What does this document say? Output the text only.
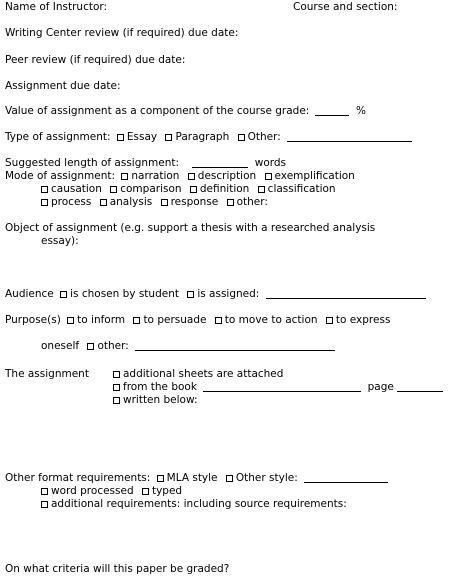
Name of Instructor:	Course and section:
Writing Center review (if required) due date:
Peer review (if required) due date:
Assignment due date:
Value of assignment as a component of the course grade:	%
Type of assignment: Essay Paragraph Other:
Suggested length of assignment:	words
Mode of assignment: narration description exemplification
causation comparison definition classification
process analysis response other:
Object of assignment (e.g. support a thesis with a researched analysis
essay):
Audience is chosen by student is assigned:
Purpose(s) to inform to persuade to move to action to express
oneself other:
The assignment	additional sheets are attached
from the book	page
written below:
Other format requirements: MLA style Other style:
word processed typed
additional requirements: including source requirements:
On what criteria will this paper be graded?
